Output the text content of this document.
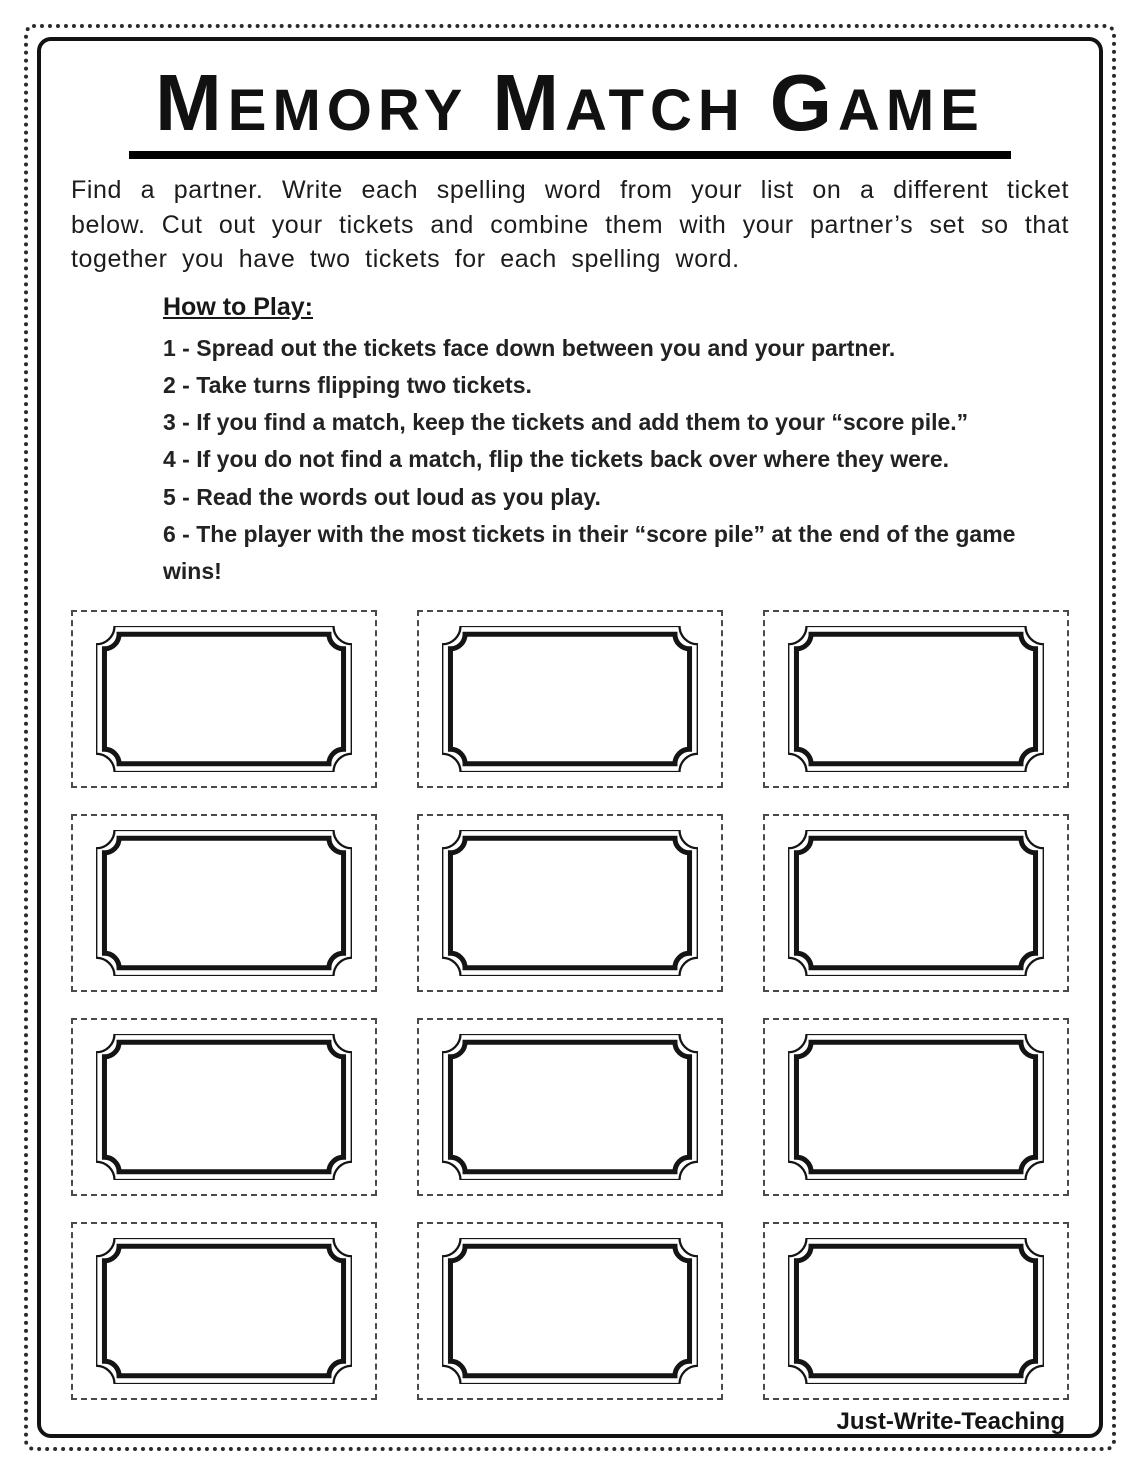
MEMORY MATCH GAME

Find a partner. Write each spelling word from your list on a different ticket below. Cut out your tickets and combine them with your partner’s set so that together you have two tickets for each spelling word.

How to Play:
1 - Spread out the tickets face down between you and your partner.
2 - Take turns flipping two tickets.
3 - If you find a match, keep the tickets and add them to your “score pile.”
4 - If you do not find a match, flip the tickets back over where they were.
5 - Read the words out loud as you play.
6 - The player with the most tickets in their “score pile” at the end of the game wins!
Just-Write-Teaching
